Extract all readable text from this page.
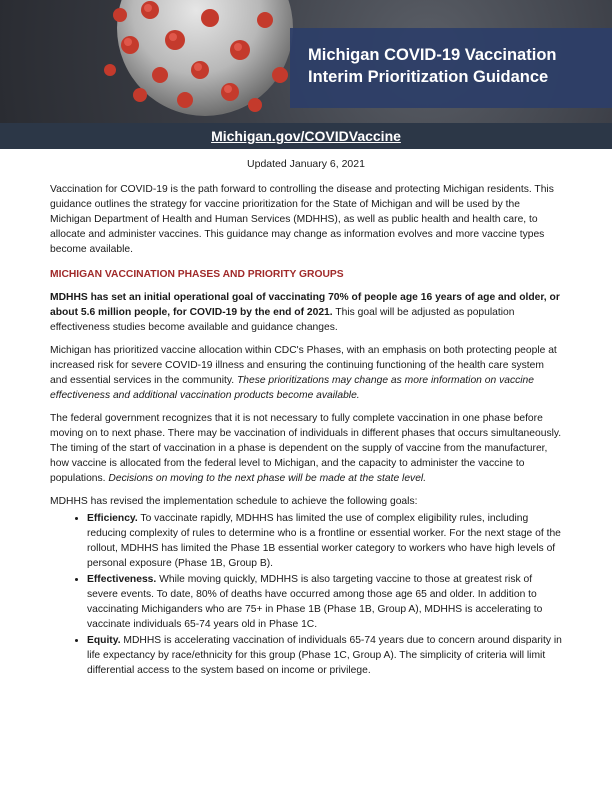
Michigan COVID-19 Vaccination
Interim Prioritization Guidance
Michigan.gov/COVIDVaccine
Updated January 6, 2021

Vaccination for COVID-19 is the path forward to controlling the disease and protecting Michigan residents. This guidance outlines the strategy for vaccine prioritization for the State of Michigan and will be used by the Michigan Department of Health and Human Services (MDHHS), as well as public health and health care, to allocate and administer vaccines. This guidance may change as information evolves and more vaccine types become available.

MICHIGAN VACCINATION PHASES AND PRIORITY GROUPS

MDHHS has set an initial operational goal of vaccinating 70% of people age 16 years of age and older, or about 5.6 million people, for COVID-19 by the end of 2021. This goal will be adjusted as population effectiveness studies become available and guidance changes.

Michigan has prioritized vaccine allocation within CDC's Phases, with an emphasis on both protecting people at increased risk for severe COVID-19 illness and ensuring the continuing functioning of the health care system and essential services in the community. These prioritizations may change as more information on vaccine effectiveness and additional vaccination products become available.

The federal government recognizes that it is not necessary to fully complete vaccination in one phase before moving on to next phase. There may be vaccination of individuals in different phases that occurs simultaneously. The timing of the start of vaccination in a phase is dependent on the supply of vaccine from the manufacturer, how vaccine is allocated from the federal level to Michigan, and the capacity to administer the vaccine to populations. Decisions on moving to the next phase will be made at the state level.

MDHHS has revised the implementation schedule to achieve the following goals:

• Efficiency. To vaccinate rapidly, MDHHS has limited the use of complex eligibility rules, including reducing complexity of rules to determine who is a frontline or essential worker. For the next stage of the rollout, MDHHS has limited the Phase 1B essential worker category to workers who have high levels of personal exposure (Phase 1B, Group B).
• Effectiveness. While moving quickly, MDHHS is also targeting vaccine to those at greatest risk of severe events. To date, 80% of deaths have occurred among those age 65 and older. In addition to vaccinating Michiganders who are 75+ in Phase 1B (Phase 1B, Group A), MDHHS is accelerating to vaccinate individuals 65-74 years old in Phase 1C.
• Equity. MDHHS is accelerating vaccination of individuals 65-74 years due to concern around disparity in life expectancy by race/ethnicity for this group (Phase 1C, Group A). The simplicity of criteria will limit differential access to the system based on income or privilege.
